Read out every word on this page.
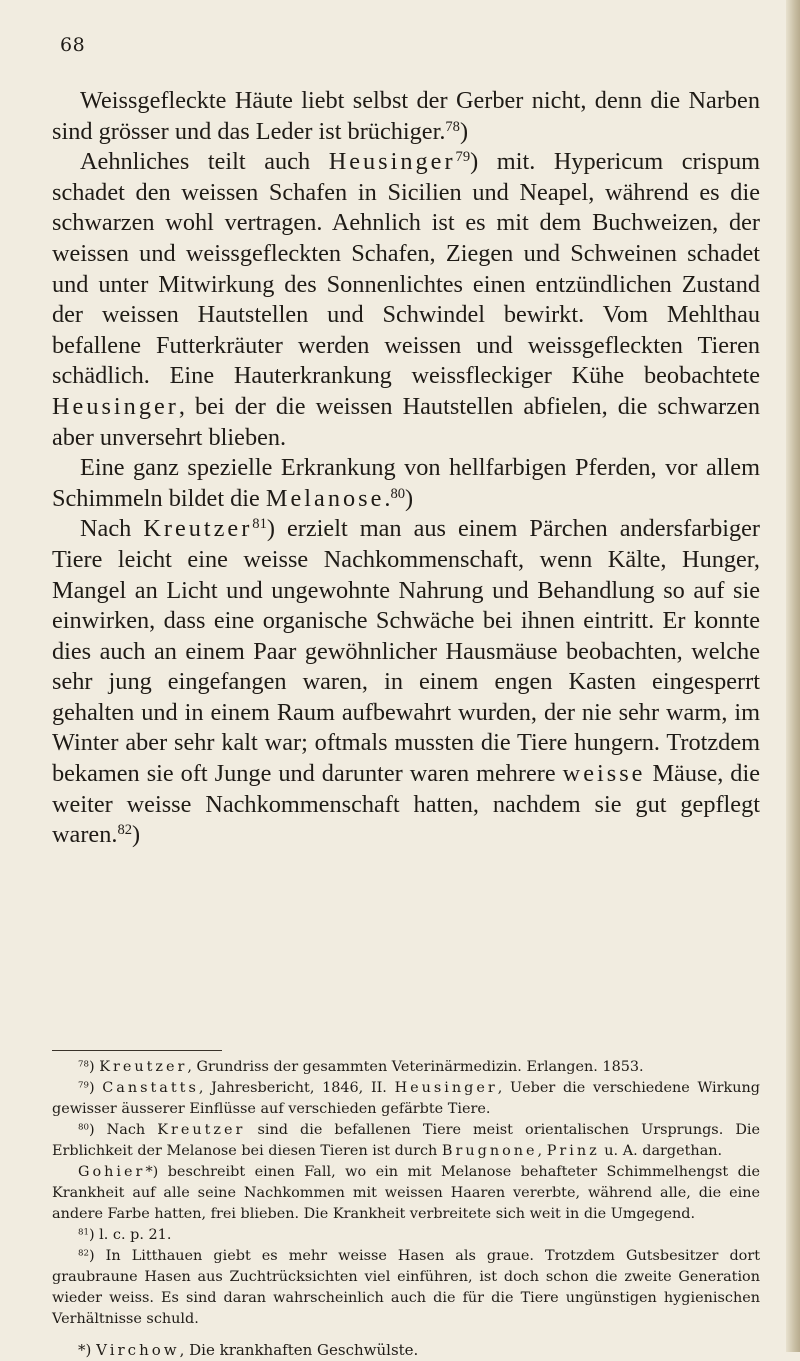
68

Weissgefleckte Häute liebt selbst der Gerber nicht, denn die Narben sind grösser und das Leder ist brüchiger.$^{78}$)

Aehnliches teilt auch Heusinger$^{79}$) mit. Hypericum crispum schadet den weissen Schafen in Sicilien und Neapel, während es die schwarzen wohl vertragen. Aehnlich ist es mit dem Buchweizen, der weissen und weissgefleckten Schafen, Ziegen und Schweinen schadet und unter Mitwirkung des Sonnenlichtes einen entzündlichen Zustand der weissen Hautstellen und Schwindel bewirkt. Vom Mehlthau befallene Futterkräuter werden weissen und weissgefleckten Tieren schädlich. Eine Hauterkrankung weissfleckiger Kühe beobachtete Heusinger, bei der die weissen Hautstellen abfielen, die schwarzen aber unversehrt blieben.

Eine ganz spezielle Erkrankung von hellfarbigen Pferden, vor allem Schimmeln bildet die Melanose.$^{80}$)

Nach Kreutzer$^{81}$) erzielt man aus einem Pärchen andersfarbiger Tiere leicht eine weisse Nachkommenschaft, wenn Kälte, Hunger, Mangel an Licht und ungewohnte Nahrung und Behandlung so auf sie einwirken, dass eine organische Schwäche bei ihnen eintritt. Er konnte dies auch an einem Paar gewöhnlicher Hausmäuse beobachten, welche sehr jung eingefangen waren, in einem engen Kasten eingesperrt gehalten und in einem Raum aufbewahrt wurden, der nie sehr warm, im Winter aber sehr kalt war; oftmals mussten die Tiere hungern. Trotzdem bekamen sie oft Junge und darunter waren mehrere weisse Mäuse, die weiter weisse Nachkommenschaft hatten, nachdem sie gut gepflegt waren.$^{82}$)

$^{78}$) Kreutzer, Grundriss der gesammten Veterinärmedizin. Erlangen. 1853.

$^{79}$) Canstatts, Jahresbericht, 1846, II. Heusinger, Ueber die verschiedene Wirkung gewisser äusserer Einflüsse auf verschieden gefärbte Tiere.

$^{80}$) Nach Kreutzer sind die befallenen Tiere meist orientalischen Ursprungs. Die Erblichkeit der Melanose bei diesen Tieren ist durch Brugnone, Prinz u. A. dargethan.

Gohier*) beschreibt einen Fall, wo ein mit Melanose behafteter Schimmelhengst die Krankheit auf alle seine Nachkommen mit weissen Haaren vererbte, während alle, die eine andere Farbe hatten, frei blieben. Die Krankheit verbreitete sich weit in die Umgegend.

$^{81}$) l. c. p. 21.

$^{82}$) In Litthauen giebt es mehr weisse Hasen als graue. Trotzdem Gutsbesitzer dort graubraune Hasen aus Zuchtrücksichten viel einführen, ist doch schon die zweite Generation wieder weiss. Es sind daran wahrscheinlich auch die für die Tiere ungünstigen hygienischen Verhältnisse schuld.

*) Virchow, Die krankhaften Geschwülste.
